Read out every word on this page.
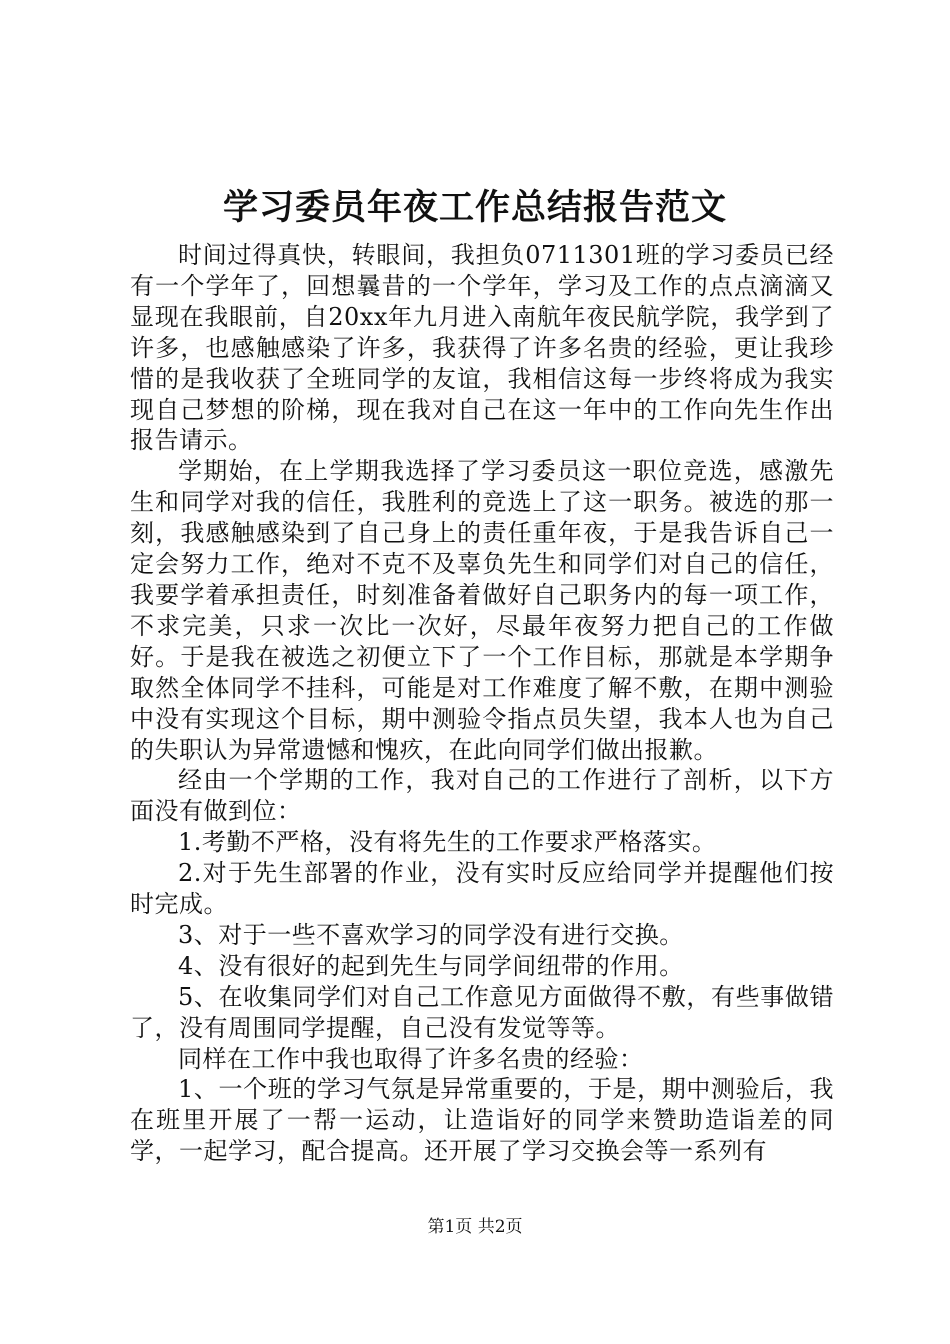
学习委员年夜工作总结报告范文

时间过得真快，转眼间，我担负0711301班的学习委员已经有一个学年了，回想曩昔的一个学年，学习及工作的点点滴滴又显现在我眼前，自20xx年九月进入南航年夜民航学院，我学到了许多，也感触感染了许多，我获得了许多名贵的经验，更让我珍惜的是我收获了全班同学的友谊，我相信这每一步终将成为我实现自己梦想的阶梯，现在我对自己在这一年中的工作向先生作出报告请示。

学期始，在上学期我选择了学习委员这一职位竞选，感激先生和同学对我的信任，我胜利的竞选上了这一职务。被选的那一刻，我感触感染到了自己身上的责任重年夜，于是我告诉自己一定会努力工作，绝对不克不及辜负先生和同学们对自己的信任，我要学着承担责任，时刻准备着做好自己职务内的每一项工作，不求完美，只求一次比一次好，尽最年夜努力把自己的工作做好。于是我在被选之初便立下了一个工作目标，那就是本学期争取然全体同学不挂科，可能是对工作难度了解不敷，在期中测验中没有实现这个目标，期中测验令指点员失望，我本人也为自己的失职认为异常遗憾和愧疚，在此向同学们做出报歉。

经由一个学期的工作，我对自己的工作进行了剖析，以下方面没有做到位：

1.考勤不严格，没有将先生的工作要求严格落实。

2.对于先生部署的作业，没有实时反应给同学并提醒他们按时完成。

3、对于一些不喜欢学习的同学没有进行交换。

4、没有很好的起到先生与同学间纽带的作用。

5、在收集同学们对自己工作意见方面做得不敷，有些事做错了，没有周围同学提醒，自己没有发觉等等。

同样在工作中我也取得了许多名贵的经验：

1、一个班的学习气氛是异常重要的，于是，期中测验后，我在班里开展了一帮一运动，让造诣好的同学来赞助造诣差的同学，一起学习，配合提高。还开展了学习交换会等一系列有

第1页 共2页
